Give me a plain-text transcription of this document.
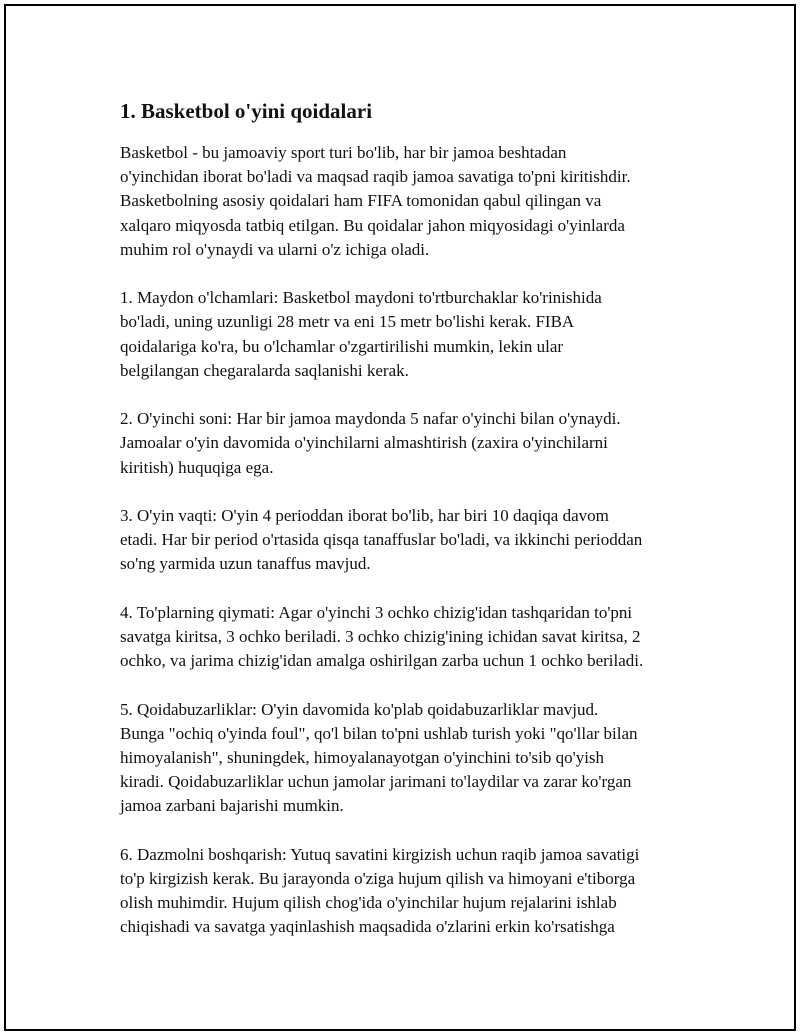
1. Basketbol o'yini qoidalari

Basketbol - bu jamoaviy sport turi bo'lib, har bir jamoa beshtadan
o'yinchidan iborat bo'ladi va maqsad raqib jamoa savatiga to'pni kiritishdir.
Basketbolning asosiy qoidalari ham FIFA tomonidan qabul qilingan va
xalqaro miqyosda tatbiq etilgan. Bu qoidalar jahon miqyosidagi o'yinlarda
muhim rol o'ynaydi va ularni o'z ichiga oladi.

1. Maydon o'lchamlari: Basketbol maydoni to'rtburchaklar ko'rinishida
bo'ladi, uning uzunligi 28 metr va eni 15 metr bo'lishi kerak. FIBA
qoidalariga ko'ra, bu o'lchamlar o'zgartirilishi mumkin, lekin ular
belgilangan chegaralarda saqlanishi kerak.

2. O'yinchi soni: Har bir jamoa maydonda 5 nafar o'yinchi bilan o'ynaydi.
Jamoalar o'yin davomida o'yinchilarni almashtirish (zaxira o'yinchilarni
kiritish) huquqiga ega.

3. O'yin vaqti: O'yin 4 perioddan iborat bo'lib, har biri 10 daqiqa davom
etadi. Har bir period o'rtasida qisqa tanaffuslar bo'ladi, va ikkinchi perioddan
so'ng yarmida uzun tanaffus mavjud.

4. To'plarning qiymati: Agar o'yinchi 3 ochko chizig'idan tashqaridan to'pni
savatga kiritsa, 3 ochko beriladi. 3 ochko chizig'ining ichidan savat kiritsa, 2
ochko, va jarima chizig'idan amalga oshirilgan zarba uchun 1 ochko beriladi.

5. Qoidabuzarliklar: O'yin davomida ko'plab qoidabuzarliklar mavjud.
Bunga "ochiq o'yinda foul", qo'l bilan to'pni ushlab turish yoki "qo'llar bilan
himoyalanish", shuningdek, himoyalanayotgan o'yinchini to'sib qo'yish
kiradi. Qoidabuzarliklar uchun jamolar jarimani to'laydilar va zarar ko'rgan
jamoa zarbani bajarishi mumkin.

6. Dazmolni boshqarish: Yutuq savatini kirgizish uchun raqib jamoa savatigi
to'p kirgizish kerak. Bu jarayonda o'ziga hujum qilish va himoyani e'tiborga
olish muhimdir. Hujum qilish chog'ida o'yinchilar hujum rejalarini ishlab
chiqishadi va savatga yaqinlashish maqsadida o'zlarini erkin ko'rsatishga
